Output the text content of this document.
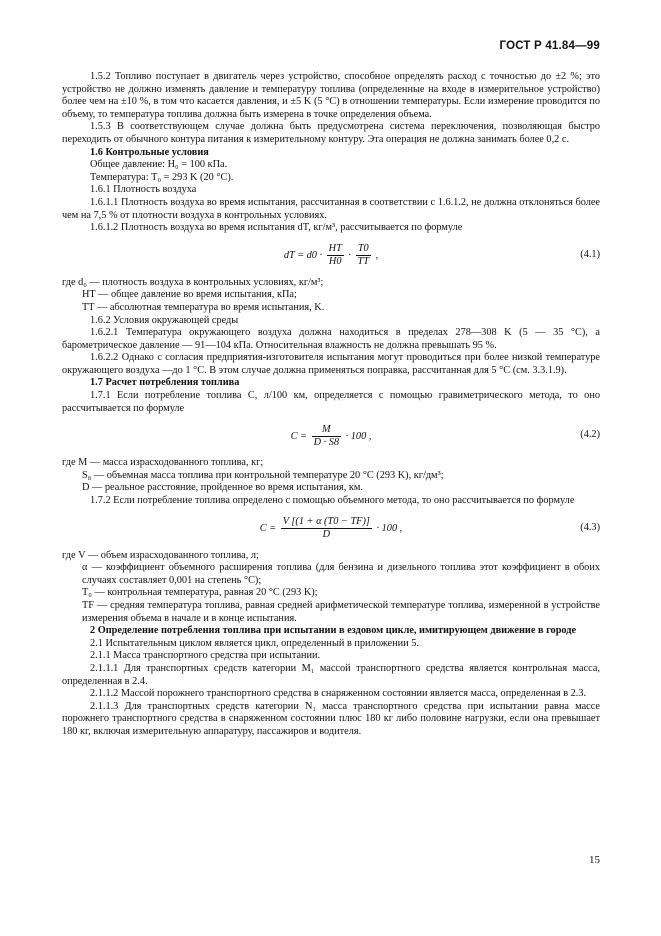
ГОСТ Р 41.84—99

1.5.2 Топливо поступает в двигатель через устройство, способное определять расход с точностью до ±2 %; это устройство не должно изменять давление и температуру топлива (определенные на входе в измерительное устройство) более чем на ±10 %, в том что касается давления, и ±5 K (5 °C) в отношении температуры. Если измерение проводится по объему, то температура топлива должна быть измерена в точке определения объема.

1.5.3 В соответствующем случае должна быть предусмотрена система переключения, позволяющая быстро переходить от обычного контура питания к измерительному контуру. Эта операция не должна занимать более 0,2 с.

1.6 Контрольные условия

Общее давление: H₀ = 100 кПа.

Температура: T₀ = 293 K (20 °C).

1.6.1 Плотность воздуха

1.6.1.1 Плотность воздуха во время испытания, рассчитанная в соответствии с 1.6.1.2, не должна отклоняться более чем на 7,5 % от плотности воздуха в контрольных условиях.

1.6.1.2 Плотность воздуха во время испытания dT, кг/м³, рассчитывается по формуле

dT = $d0 \cdot \frac{HT}{H0} \cdot \frac{T0}{TT}$ ,	(4.1)

где d₀ — плотность воздуха в контрольных условиях, кг/м³;

HT — общее давление во время испытания, кПа;

TT — абсолютная температура во время испытания, K.

1.6.2 Условия окружающей среды

1.6.2.1 Температура окружающего воздуха должна находиться в пределах 278—308 K (5 — 35 °C), а барометрическое давление — 91—104 кПа. Относительная влажность не должна превышать 95 %.

1.6.2.2 Однако с согласия предприятия-изготовителя испытания могут проводиться при более низкой температуре окружающего воздуха —до 1 °C. В этом случае должна применяться поправка, рассчитанная для 5 °C (см. 3.3.1.9).

1.7 Расчет потребления топлива

1.7.1 Если потребление топлива C, л/100 км, определяется с помощью гравиметрического метода, то оно рассчитывается по формуле

$C = \frac{M}{D \cdot S8} \cdot 100$ ,	(4.2)

где M — масса израсходованного топлива, кг;

S₈ — объемная масса топлива при контрольной температуре 20 °C (293 K), кг/дм³;

D — реальное расстояние, пройденное во время испытания, км.

1.7.2 Если потребление топлива определено с помощью объемного метода, то оно рассчитывается по формуле

$C = \frac{V [(1 + \alpha (T0 - TF)]}{D} \cdot 100$ ,	(4.3)

где V — объем израсходованного топлива, л;

α — коэффициент объемного расширения топлива (для бензина и дизельного топлива этот коэффициент в обоих случаях составляет 0,001 на степень °C);

T₀ — контрольная температура, равная 20 °C (293 K);

TF — средняя температура топлива, равная средней арифметической температуре топлива, измеренной в устройстве измерения объема в начале и в конце испытания.

2 Определение потребления топлива при испытании в ездовом цикле, имитирующем движение в городе

2.1 Испытательным циклом является цикл, определенный в приложении 5.

2.1.1 Масса транспортного средства при испытании.

2.1.1.1 Для транспортных средств категории M₁ массой транспортного средства является контрольная масса, определенная в 2.4.

2.1.1.2 Массой порожнего транспортного средства в снаряженном состоянии является масса, определенная в 2.3.

2.1.1.3 Для транспортных средств категории N₁ масса транспортного средства при испытании равна массе порожнего транспортного средства в снаряженном состоянии плюс 180 кг либо половине нагрузки, если она превышает 180 кг, включая измерительную аппаратуру, пассажиров и водителя.

15
